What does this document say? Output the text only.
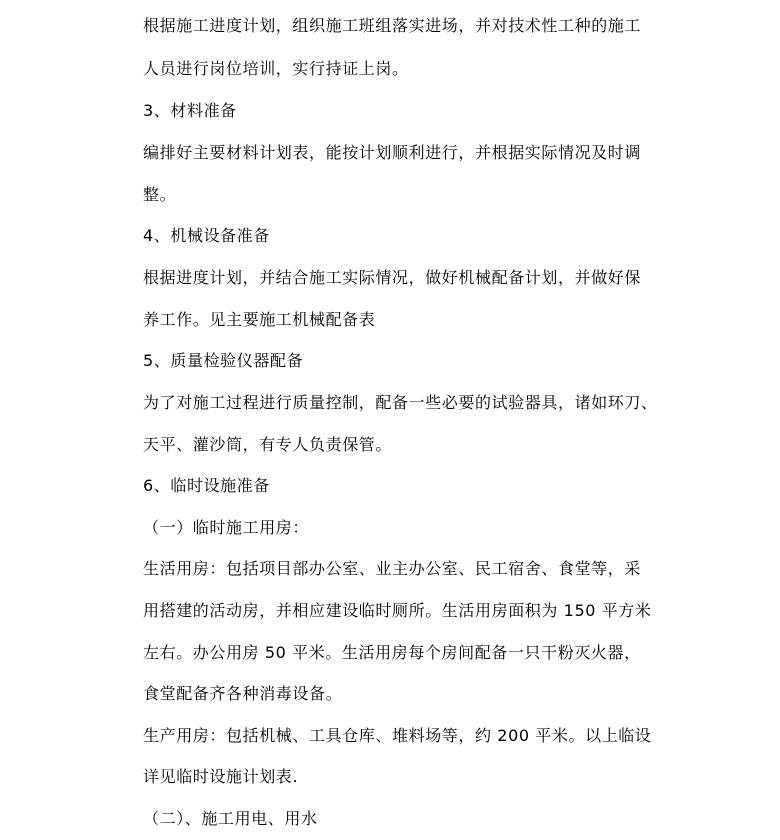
根据施工进度计划，组织施工班组落实进场，并对技术性工种的施工
人员进行岗位培训，实行持证上岗。
3、材料准备
编排好主要材料计划表，能按计划顺利进行，并根据实际情况及时调
整。
4、机械设备准备
根据进度计划，并结合施工实际情况，做好机械配备计划，并做好保
养工作。见主要施工机械配备表
5、质量检验仪器配备
为了对施工过程进行质量控制，配备一些必要的试验器具，诸如环刀、
天平、灌沙筒，有专人负责保管。
6、临时设施准备
（一）临时施工用房：
生活用房：包括项目部办公室、业主办公室、民工宿舍、食堂等，采
用搭建的活动房，并相应建设临时厕所。生活用房面积为 150 平方米
左右。办公用房 50 平米。生活用房每个房间配备一只干粉灭火器，
食堂配备齐各种消毒设备。
生产用房：包括机械、工具仓库、堆料场等，约 200 平米。以上临设
详见临时设施计划表.
（二）、施工用电、用水
